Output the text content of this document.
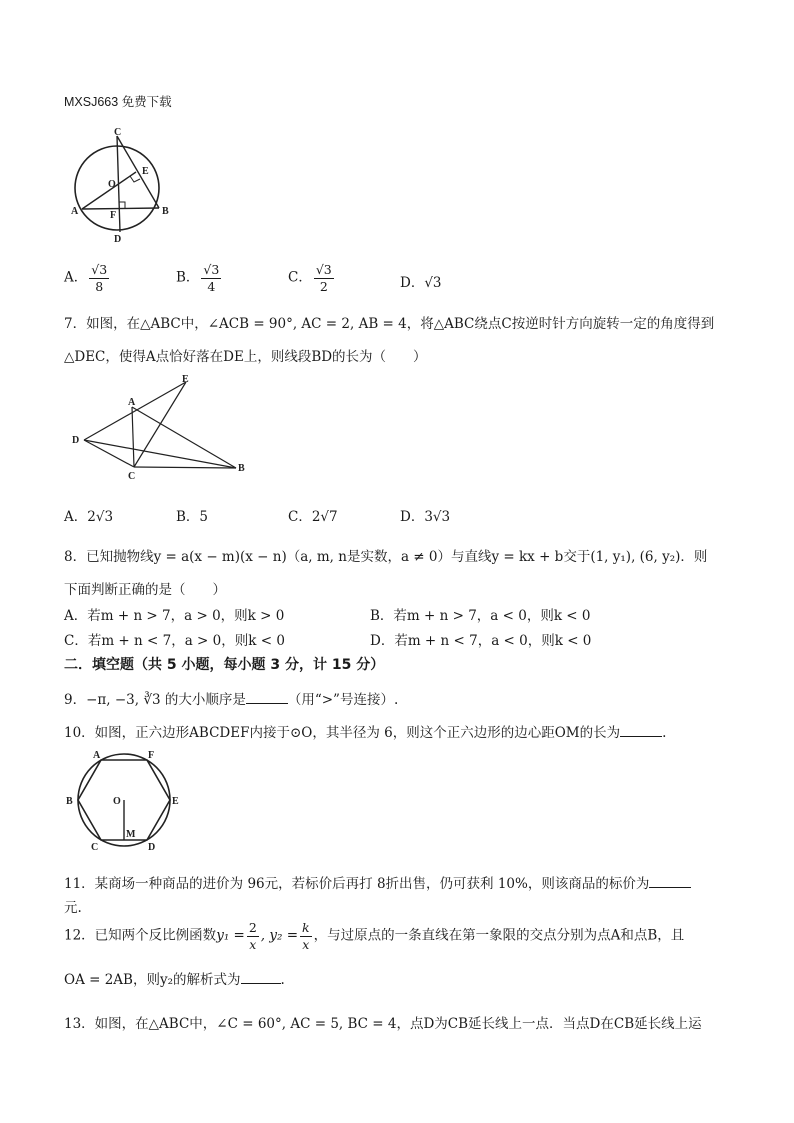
MXSJ663 免费下载
C
E
O
A	F	B
D
A． $\frac{√3}{8}$	B． $\frac{√3}{4}$	C． $\frac{√3}{2}$	D．√3
7．如图，在△ABC中，∠ACB = 90°, AC = 2, AB = 4，将△ABC绕点C按逆时针方向旋转一定的角度得到
△DEC，使得A点恰好落在DE上，则线段BD的长为（　　）
E
A
D
C
B
A．2√3	B．5	C．2√7	D．3√3
8．已知抛物线y = a(x − m)(x − n)（a, m, n是实数，a ≠ 0）与直线y = kx + b交于(1, y₁), (6, y₂)．则
下面判断正确的是（　　）
A．若m + n > 7，a > 0，则k > 0	B．若m + n > 7，a < 0，则k < 0
C．若m + n < 7，a > 0，则k < 0	D．若m + n < 7，a < 0，则k < 0
二．填空题（共 5 小题，每小题 3 分，计 15 分）
9．−π, −3, ∛3 的大小顺序是	（用“>”号连接）.
10．如图，正六边形ABCDEF内接于⊙O，其半径为 6，则这个正六边形的边心距OM的长为	.
A	F
B	O	E
M
C	D
11．某商场一种商品的进价为 96元，若标价后再打 8折出售，仍可获利 10%，则该商品的标价为
元.
12．已知两个反比例函数$y_1 = \frac{2}{x}$ , $y_2 = \frac{k}{x}$ ，与过原点的一条直线在第一象限的交点分别为点A和点B，且
OA = 2AB，则y₂的解析式为	.
13．如图，在△ABC中，∠C = 60°, AC = 5, BC = 4，点D为CB延长线上一点．当点D在CB延长线上运
